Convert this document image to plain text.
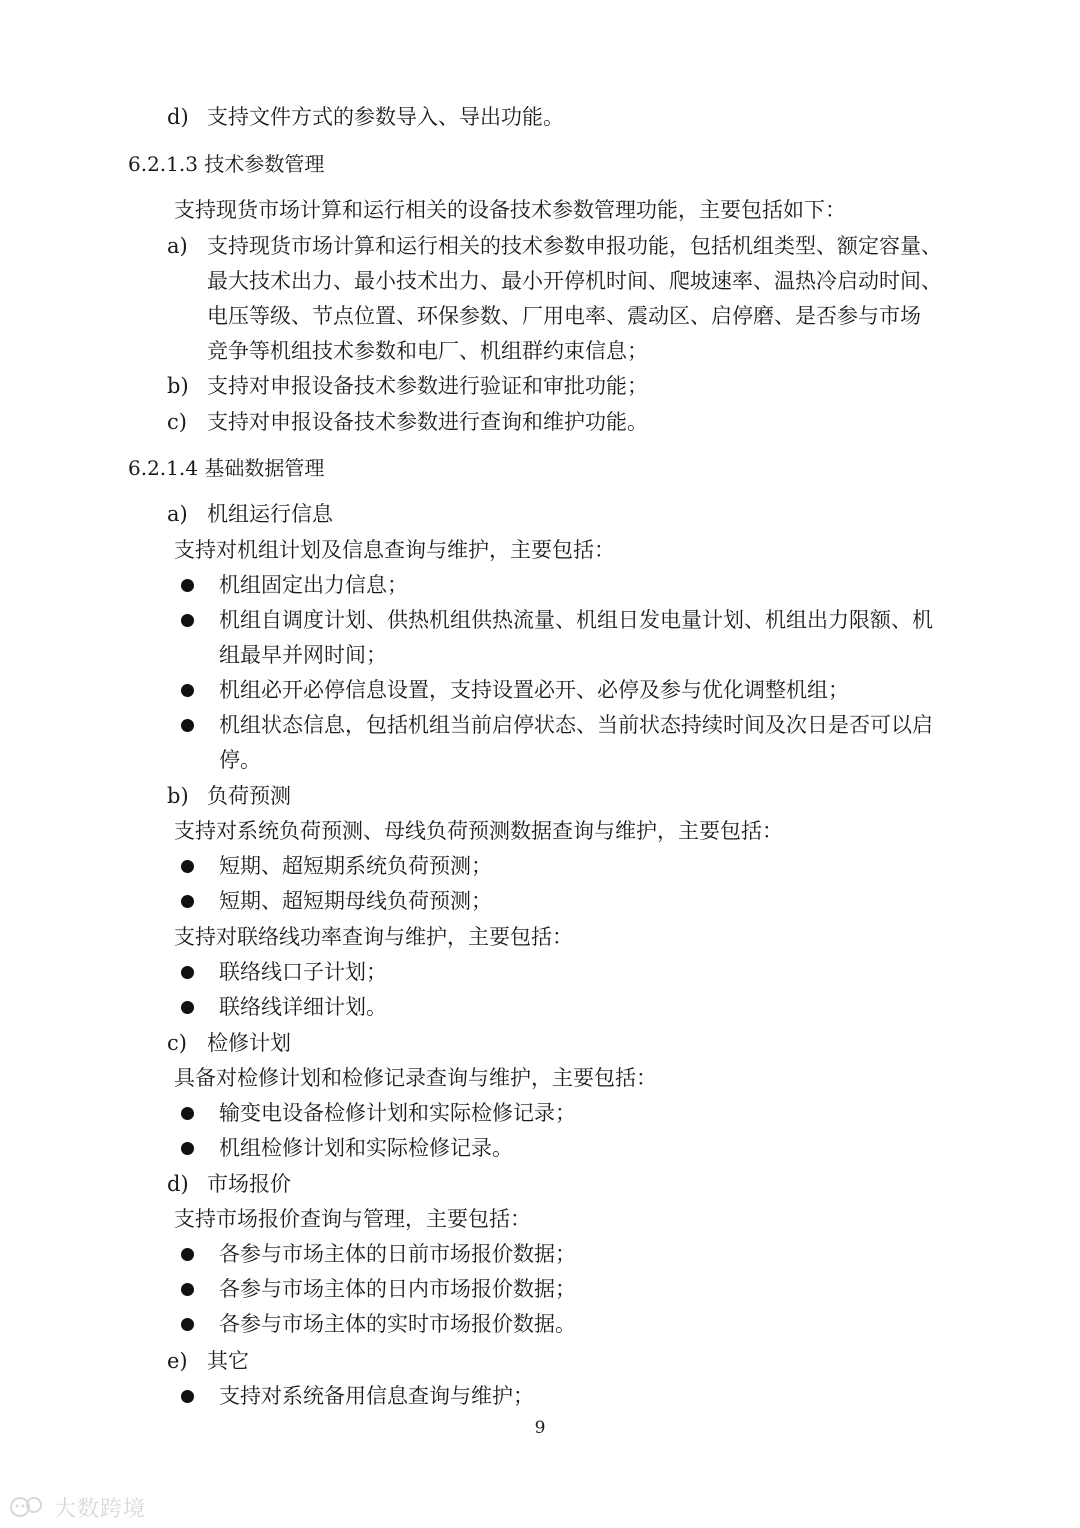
d) 支持文件方式的参数导入、导出功能。
6.2.1.3 技术参数管理
支持现货市场计算和运行相关的设备技术参数管理功能，主要包括如下：
a) 支持现货市场计算和运行相关的技术参数申报功能，包括机组类型、额定容量、
最大技术出力、最小技术出力、最小开停机时间、爬坡速率、温热冷启动时间、
电压等级、节点位置、环保参数、厂用电率、震动区、启停磨、是否参与市场
竞争等机组技术参数和电厂、机组群约束信息；
b) 支持对申报设备技术参数进行验证和审批功能；
c) 支持对申报设备技术参数进行查询和维护功能。
6.2.1.4 基础数据管理
a) 机组运行信息
支持对机组计划及信息查询与维护，主要包括：
机组固定出力信息；
机组自调度计划、供热机组供热流量、机组日发电量计划、机组出力限额、机
组最早并网时间；
机组必开必停信息设置，支持设置必开、必停及参与优化调整机组；
机组状态信息，包括机组当前启停状态、当前状态持续时间及次日是否可以启
停。
b) 负荷预测
支持对系统负荷预测、母线负荷预测数据查询与维护，主要包括：
短期、超短期系统负荷预测；
短期、超短期母线负荷预测；
支持对联络线功率查询与维护，主要包括：
联络线口子计划；
联络线详细计划。
c) 检修计划
具备对检修计划和检修记录查询与维护，主要包括：
输变电设备检修计划和实际检修记录；
机组检修计划和实际检修记录。
d) 市场报价
支持市场报价查询与管理，主要包括：
各参与市场主体的日前市场报价数据；
各参与市场主体的日内市场报价数据；
各参与市场主体的实时市场报价数据。
e) 其它
支持对系统备用信息查询与维护；
9
大数跨境
